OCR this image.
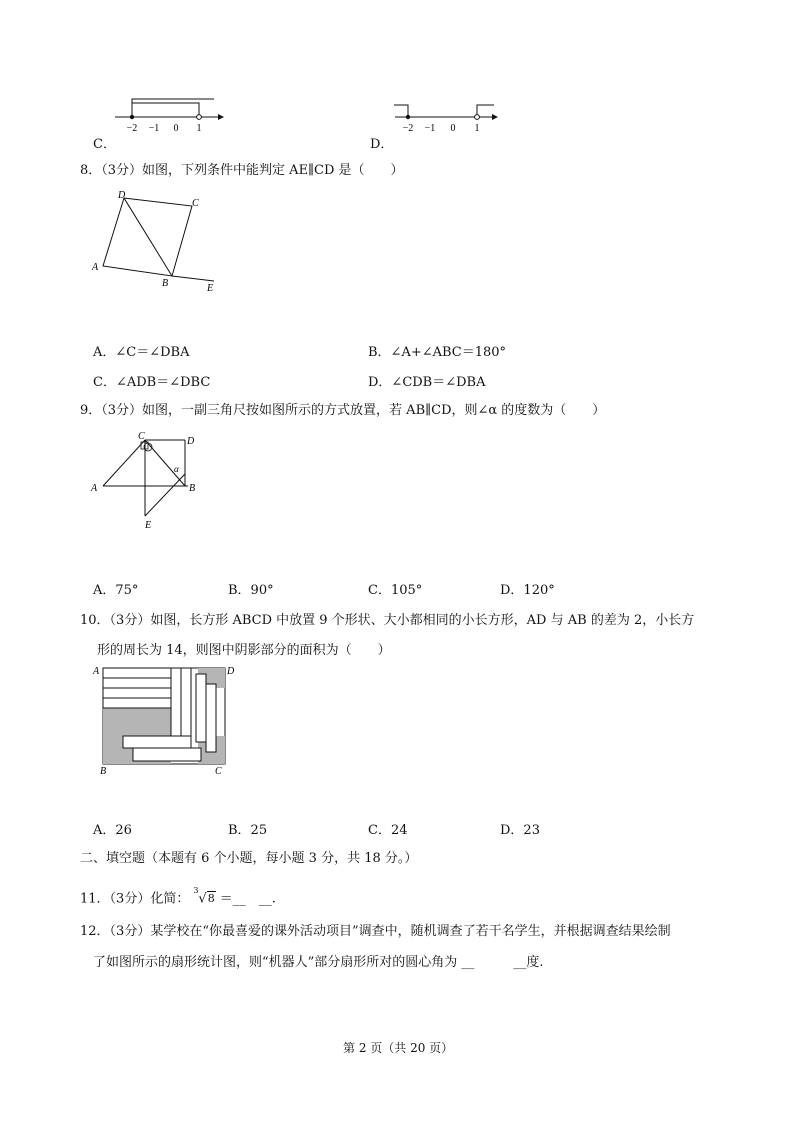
−2 −1 0 1
C．
−2 −1 0 1
D．
8．（3分）如图，下列条件中能判定 AE∥CD 是（　　）
D
C
A
B	E
A．∠C＝∠DBA	B．∠A+∠ABC＝180°
C．∠ADB＝∠DBC	D．∠CDB＝∠DBA
9．（3分）如图，一副三角尺按如图所示的方式放置，若 AB∥CD，则∠α 的度数为（　　）
C	D
α
A	B
E
A．75°	B．90°	C．105°	D．120°
10．（3分）如图，长方形 ABCD 中放置 9 个形状、大小都相同的小长方形，AD 与 AB 的差为 2，小长方
形的周长为 14，则图中阴影部分的面积为（　　）
A	D
B	C
A．26	B．25	C．24	D．23
二、填空题（本题有 6 个小题，每小题 3 分，共 18 分。）
11．（3分）化简：$^3$√8 ＝__　__.
12．（3分）某学校在“你最喜爱的课外活动项目”调查中，随机调查了若干名学生，并根据调查结果绘制
了如图所示的扇形统计图，则“机器人”部分扇形所对的圆心角为 __　　　__度.
第 2 页（共 20 页）
